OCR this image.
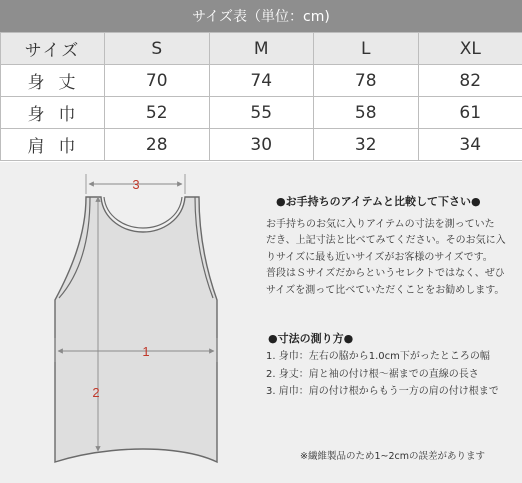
サイズ表（単位：cm)
サイズ	S	M	L	XL
身丈	70	74	78	82
身巾	52	55	58	61
肩巾	28	30	32	34
3
1
2
●お手持ちのアイテムと比較して下さい●
お手持ちのお気に入りアイテムの寸法を測っていた
だき、上記寸法と比べてみてください。そのお気に入
りサイズに最も近いサイズがお客様のサイズです。
普段はＳサイズだからというセレクトではなく、ぜひ
サイズを測って比べていただくことをお勧めします。
●寸法の測り方●
1. 身巾：左右の脇から1.0cm下がったところの幅
2. 身丈：肩と袖の付け根〜裾までの直線の長さ
3. 肩巾：肩の付け根からもう一方の肩の付け根まで
※繊維製品のため1~2cmの誤差があります
